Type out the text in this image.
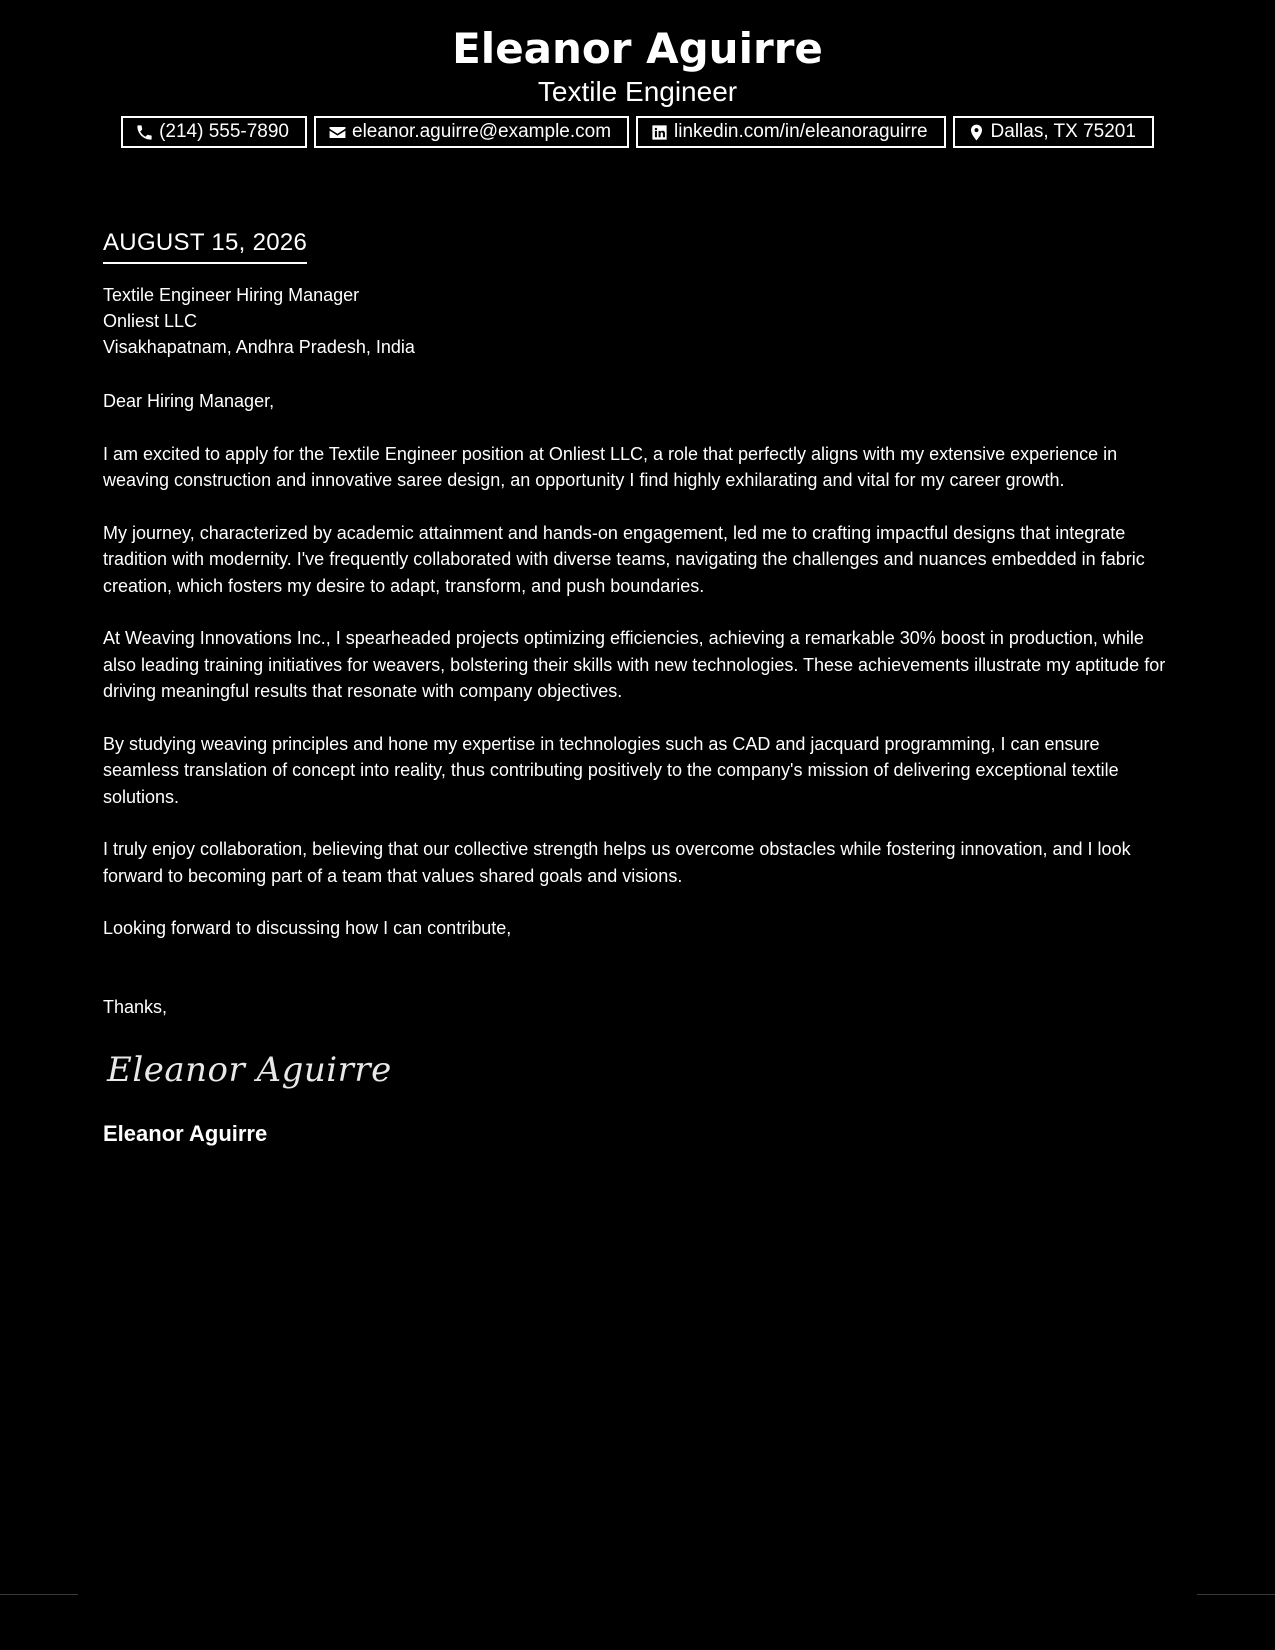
Eleanor Aguirre
Textile Engineer
(214) 555-7890	eleanor.aguirre@example.com	linkedin.com/in/eleanoraguirre	Dallas, TX 75201
AUGUST 15, 2026
Textile Engineer Hiring Manager
Onliest LLC
Visakhapatnam, Andhra Pradesh, India
Dear Hiring Manager,
I am excited to apply for the Textile Engineer position at Onliest LLC, a role that perfectly aligns with my extensive experience in weaving construction and innovative saree design, an opportunity I find highly exhilarating and vital for my career growth.
My journey, characterized by academic attainment and hands-on engagement, led me to crafting impactful designs that integrate tradition with modernity. I've frequently collaborated with diverse teams, navigating the challenges and nuances embedded in fabric creation, which fosters my desire to adapt, transform, and push boundaries.
At Weaving Innovations Inc., I spearheaded projects optimizing efficiencies, achieving a remarkable 30% boost in production, while also leading training initiatives for weavers, bolstering their skills with new technologies. These achievements illustrate my aptitude for driving meaningful results that resonate with company objectives.
By studying weaving principles and hone my expertise in technologies such as CAD and jacquard programming, I can ensure seamless translation of concept into reality, thus contributing positively to the company's mission of delivering exceptional textile solutions.
I truly enjoy collaboration, believing that our collective strength helps us overcome obstacles while fostering innovation, and I look forward to becoming part of a team that values shared goals and visions.
Looking forward to discussing how I can contribute,
Thanks,
Eleanor Aguirre
Eleanor Aguirre
